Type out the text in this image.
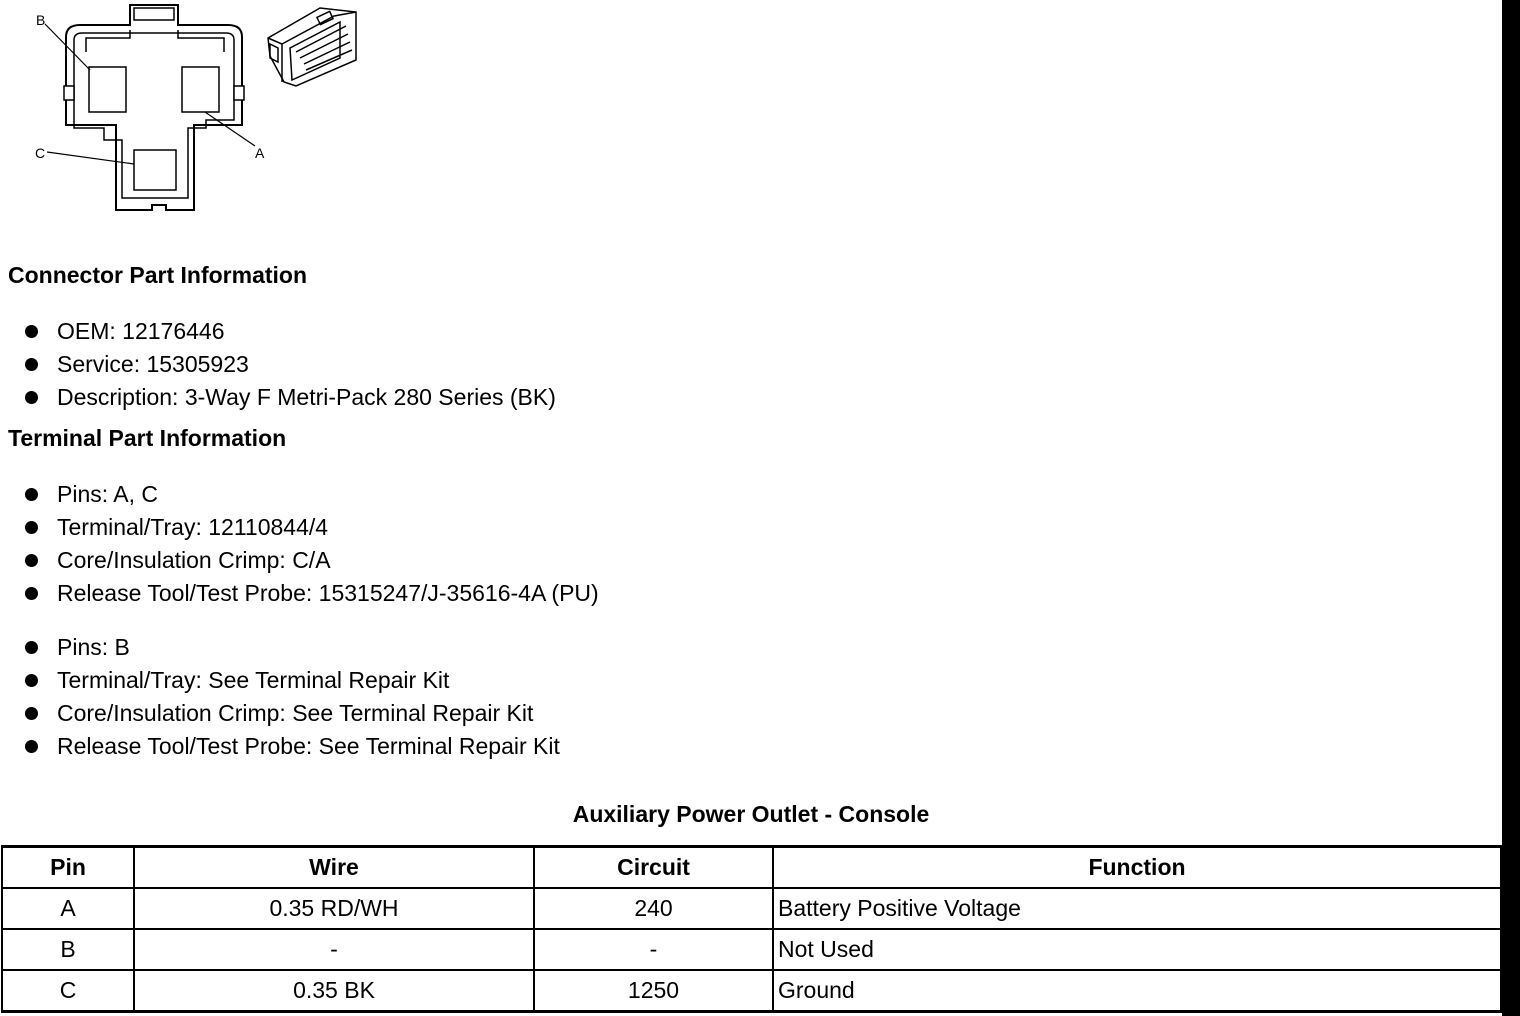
B
C	A
Connector Part Information
OEM: 12176446
Service: 15305923
Description: 3-Way F Metri-Pack 280 Series (BK)
Terminal Part Information
Pins: A, C
Terminal/Tray: 12110844/4
Core/Insulation Crimp: C/A
Release Tool/Test Probe: 15315247/J-35616-4A (PU)
Pins: B
Terminal/Tray: See Terminal Repair Kit
Core/Insulation Crimp: See Terminal Repair Kit
Release Tool/Test Probe: See Terminal Repair Kit
Auxiliary Power Outlet - Console
Pin	Wire	Circuit	Function
A	0.35 RD/WH	240	Battery Positive Voltage
B	-	-	Not Used
C	0.35 BK	1250	Ground
